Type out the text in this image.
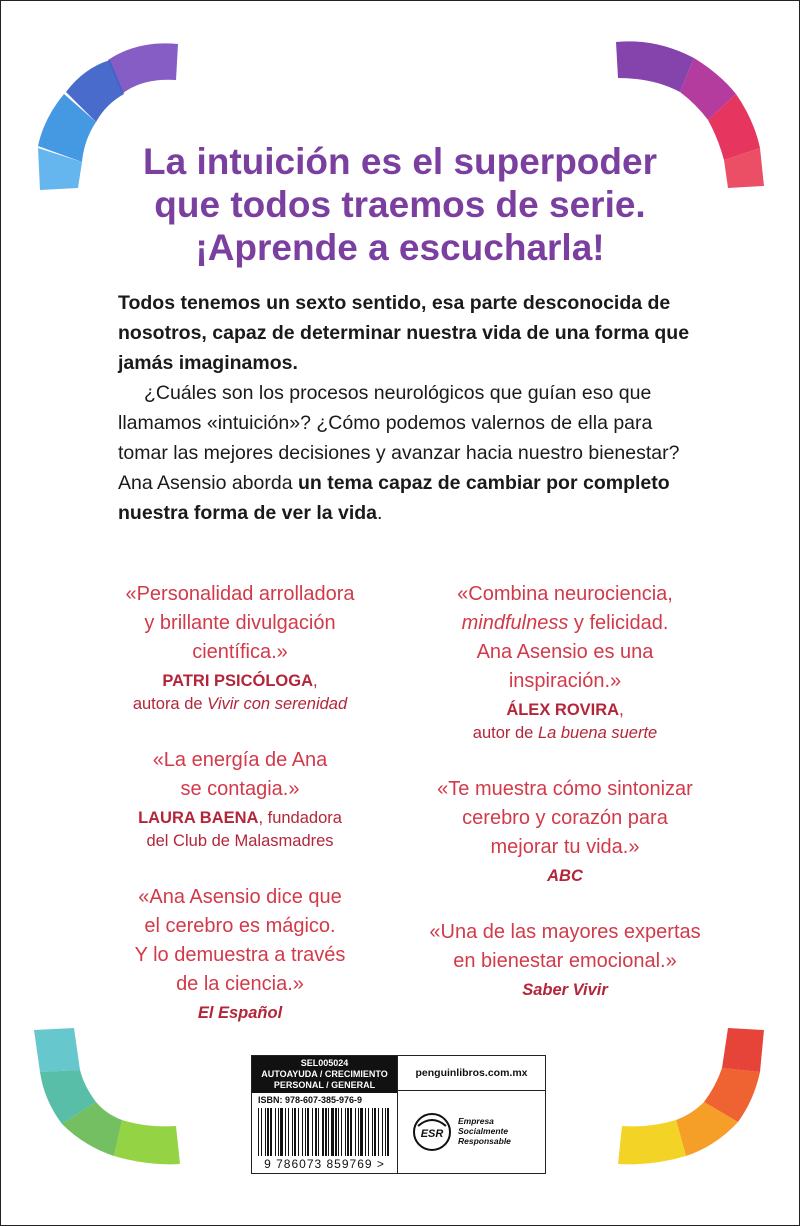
La intuición es el superpoder
que todos traemos de serie.
¡Aprende a escucharla!

Todos tenemos un sexto sentido, esa parte desconocida de nosotros, capaz de determinar nuestra vida de una forma que jamás imaginamos.

¿Cuáles son los procesos neurológicos que guían eso que llamamos «intuición»? ¿Cómo podemos valernos de ella para tomar las mejores decisiones y avanzar hacia nuestro bienestar? Ana Asensio aborda un tema capaz de cambiar por completo nuestra forma de ver la vida.

«Personalidad arrolladora
y brillante divulgación
científica.»
PATRI PSICÓLOGA,
autora de Vivir con serenidad
«La energía de Ana
se contagia.»
LAURA BAENA, fundadora
del Club de Malasmadres
«Ana Asensio dice que
el cerebro es mágico.
Y lo demuestra a través
de la ciencia.»
El Español
«Combina neurociencia,
mindfulness y felicidad.
Ana Asensio es una
inspiración.»
ÁLEX ROVIRA,
autor de La buena suerte
«Te muestra cómo sintonizar
cerebro y corazón para
mejorar tu vida.»
ABC
«Una de las mayores expertas
en bienestar emocional.»
Saber Vivir
SEL005024
AUTOAYUDA / CRECIMIENTO
PERSONAL / GENERAL
ISBN: 978-607-385-976-9
9 786073 859769 >
penguinlibros.com.mx
ESR
Empresa
Socialmente
Responsable
